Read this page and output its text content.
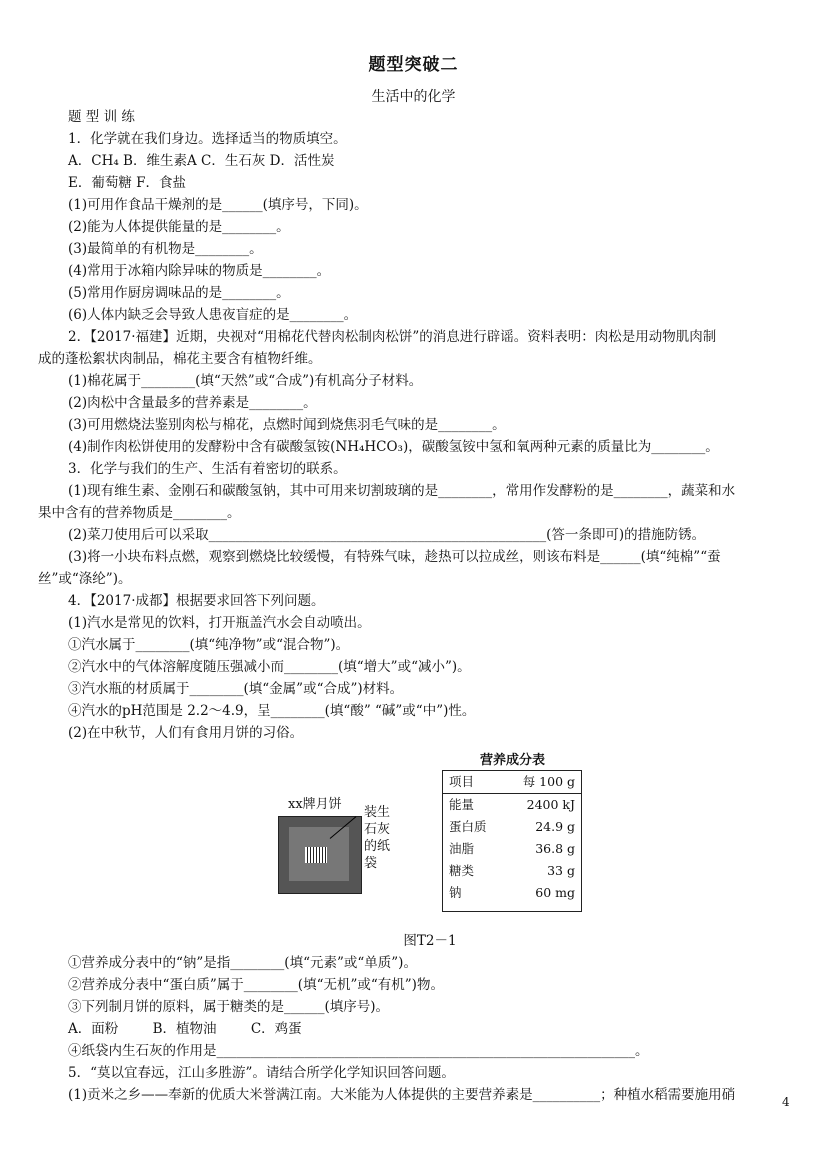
题型突破二
生活中的化学
题 型 训 练
1．化学就在我们身边。选择适当的物质填空。
A．CH₄ B．维生素A C．生石灰 D．活性炭
E．葡萄糖 F．食盐
(1)可用作食品干燥剂的是______(填序号，下同)。
(2)能为人体提供能量的是________。
(3)最简单的有机物是________。
(4)常用于冰箱内除异味的物质是________。
(5)常用作厨房调味品的是________。
(6)人体内缺乏会导致人患夜盲症的是________。
2．【2017·福建】近期，央视对“用棉花代替肉松制肉松饼”的消息进行辟谣。资料表明：肉松是用动物肌肉制
成的蓬松絮状肉制品，棉花主要含有植物纤维。
(1)棉花属于________(填“天然”或“合成”)有机高分子材料。
(2)肉松中含量最多的营养素是________。
(3)可用燃烧法鉴别肉松与棉花，点燃时闻到烧焦羽毛气味的是________。
(4)制作肉松饼使用的发酵粉中含有碳酸氢铵(NH₄HCO₃)，碳酸氢铵中氢和氧两种元素的质量比为________。
3．化学与我们的生产、生活有着密切的联系。
(1)现有维生素、金刚石和碳酸氢钠，其中可用来切割玻璃的是________，常用作发酵粉的是________，蔬菜和水
果中含有的营养物质是________。
(2)菜刀使用后可以采取__________________________________________________(答一条即可)的措施防锈。
(3)将一小块布料点燃，观察到燃烧比较缓慢，有特殊气味，趁热可以拉成丝，则该布料是______(填“纯棉”“蚕
丝”或“涤纶”)。
4．【2017·成都】根据要求回答下列问题。
(1)汽水是常见的饮料，打开瓶盖汽水会自动喷出。
①汽水属于________(填“纯净物”或“混合物”)。
②汽水中的气体溶解度随压强减小而________(填“增大”或“减小”)。
③汽水瓶的材质属于________(填“金属”或“合成”)材料。
④汽水的pH范围是 2.2～4.9，呈________(填“酸” “碱”或“中”)性。
(2)在中秋节，人们有食用月饼的习俗。
xx牌月饼
装生石灰的纸袋
营养成分表
项目	每 100 g
能量	2400 kJ
蛋白质	24.9 g
油脂	36.8 g
糖类	33 g
钠	60 mg
图T2－1
①营养成分表中的“钠”是指________(填“元素”或“单质”)。
②营养成分表中“蛋白质”属于________(填“无机”或“有机”)物。
③下列制月饼的原料，属于糖类的是______(填序号)。
A．面粉        B．植物油        C．鸡蛋
④纸袋内生石灰的作用是______________________________________________________________。
5．“莫以宜春远，江山多胜游”。请结合所学化学知识回答问题。
(1)贡米之乡——奉新的优质大米誉满江南。大米能为人体提供的主要营养素是__________；种植水稻需要施用硝	4
